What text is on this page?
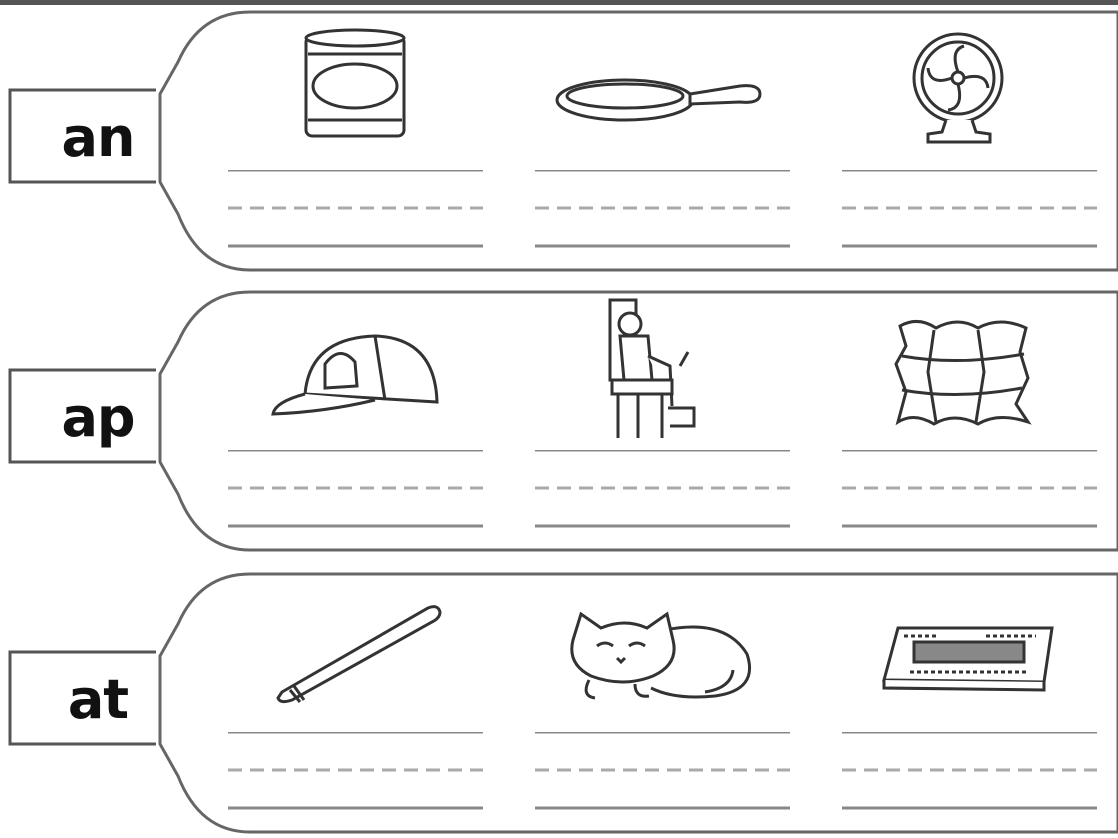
an
ap
at
